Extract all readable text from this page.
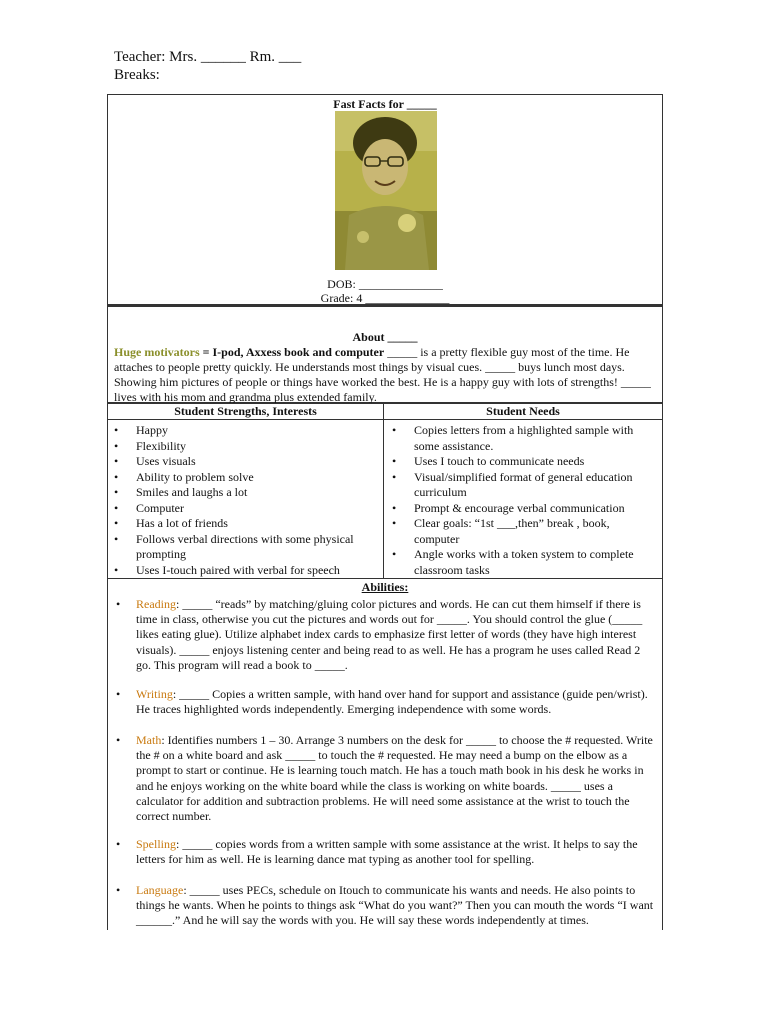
Teacher: Mrs. ______ Rm. ___
Breaks:
Fast Facts for _____
DOB: ______________
Grade: 4 ______________
About _____
Huge motivators = I-pod, Axxess book and computer _____ is a pretty flexible guy most of the time. He attaches to people pretty quickly. He understands most things by visual cues. _____ buys lunch most days. Showing him pictures of people or things have worked the best. He is a happy guy with lots of strengths! _____ lives with his mom and grandma plus extended family.
Student Strengths, Interests
• Happy
• Flexibility
• Uses visuals
• Ability to problem solve
• Smiles and laughs a lot
• Computer
• Has a lot of friends
• Follows verbal directions with some physical prompting
• Uses I-touch paired with verbal for speech
Student Needs
• Copies letters from a highlighted sample with some assistance.
• Uses I touch to communicate needs
• Visual/simplified format of general education curriculum
• Prompt & encourage verbal communication
• Clear goals: “1st ___,then” break , book, computer
• Angle works with a token system to complete classroom tasks
Abilities:
• Reading: _____ “reads” by matching/gluing color pictures and words. He can cut them himself if there is time in class, otherwise you cut the pictures and words out for _____. You should control the glue (_____ likes eating glue). Utilize alphabet index cards to emphasize first letter of words (they have high interest visuals). _____ enjoys listening center and being read to as well. He has a program he uses called Read 2 go. This program will read a book to _____.
• Writing: _____ Copies a written sample, with hand over hand for support and assistance (guide pen/wrist). He traces highlighted words independently. Emerging independence with some words.
• Math: Identifies numbers 1 – 30. Arrange 3 numbers on the desk for _____ to choose the # requested. Write the # on a white board and ask _____ to touch the # requested. He may need a bump on the elbow as a prompt to start or continue. He is learning touch match. He has a touch math book in his desk he works in and he enjoys working on the white board while the class is working on white boards. _____ uses a calculator for addition and subtraction problems. He will need some assistance at the wrist to touch the correct number.
• Spelling: _____ copies words from a written sample with some assistance at the wrist. It helps to say the letters for him as well. He is learning dance mat typing as another tool for spelling.
• Language: _____ uses PECs, schedule on Itouch to communicate his wants and needs. He also points to things he wants. When he points to things ask “What do you want?” Then you can mouth the words “I want ______.” And he will say the words with you. He will say these words independently at times.
